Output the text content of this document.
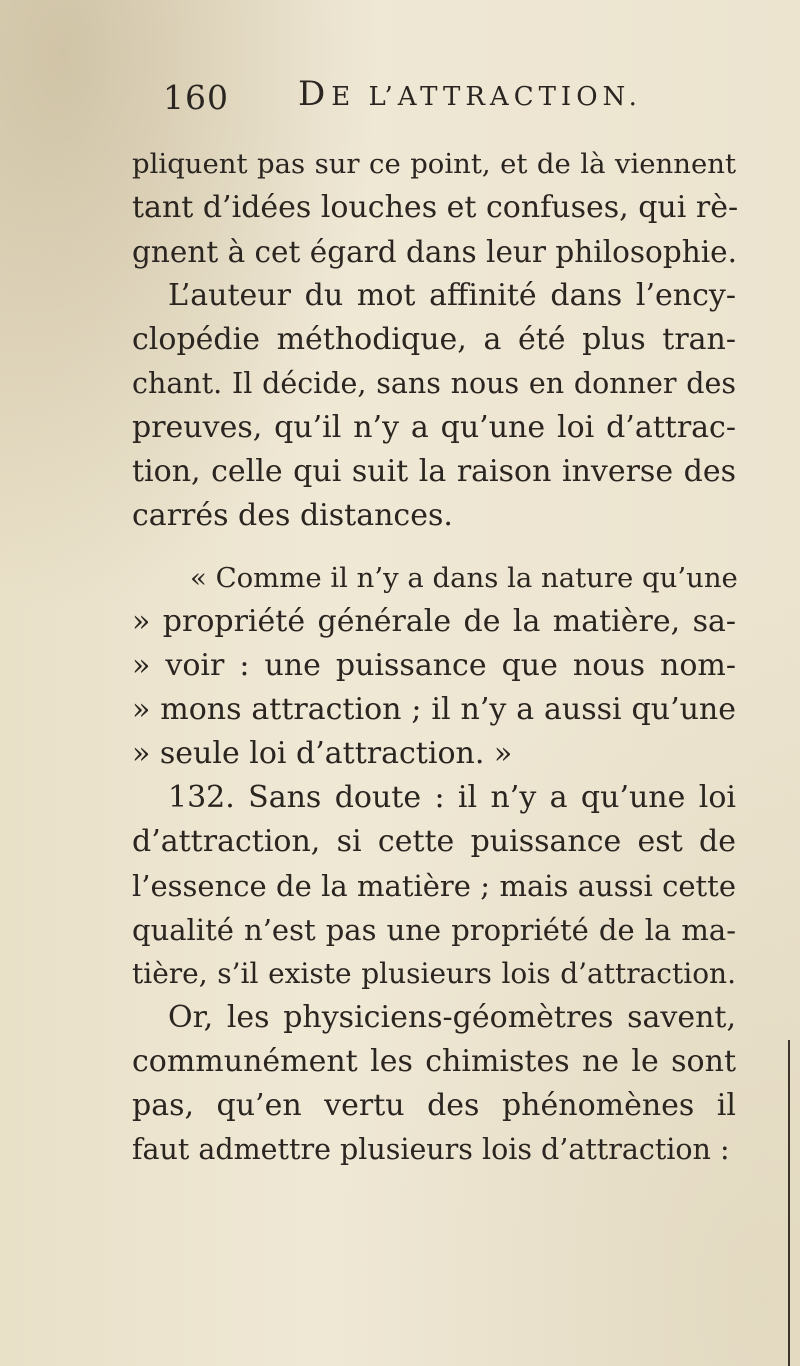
160 DE L’ATTRACTION.
pliquent pas sur ce point, et de là viennent
tant d’idées louches et confuses, qui rè-
gnent à cet égard dans leur philosophie.
L’auteur du mot affinité dans l’ency-
clopédie méthodique, a été plus tran-
chant. Il décide, sans nous en donner des
preuves, qu’il n’y a qu’une loi d’attrac-
tion, celle qui suit la raison inverse des
carrés des distances.
« Comme il n’y a dans la nature qu’une
» propriété générale de la matière, sa-
» voir : une puissance que nous nom-
» mons attraction ; il n’y a aussi qu’une
» seule loi d’attraction. »
132. Sans doute : il n’y a qu’une loi
d’attraction, si cette puissance est de
l’essence de la matière ; mais aussi cette
qualité n’est pas une propriété de la ma-
tière, s’il existe plusieurs lois d’attraction.
Or, les physiciens-géomètres savent,
communément les chimistes ne le sont
pas, qu’en vertu des phénomènes il
faut admettre plusieurs lois d’attraction :
